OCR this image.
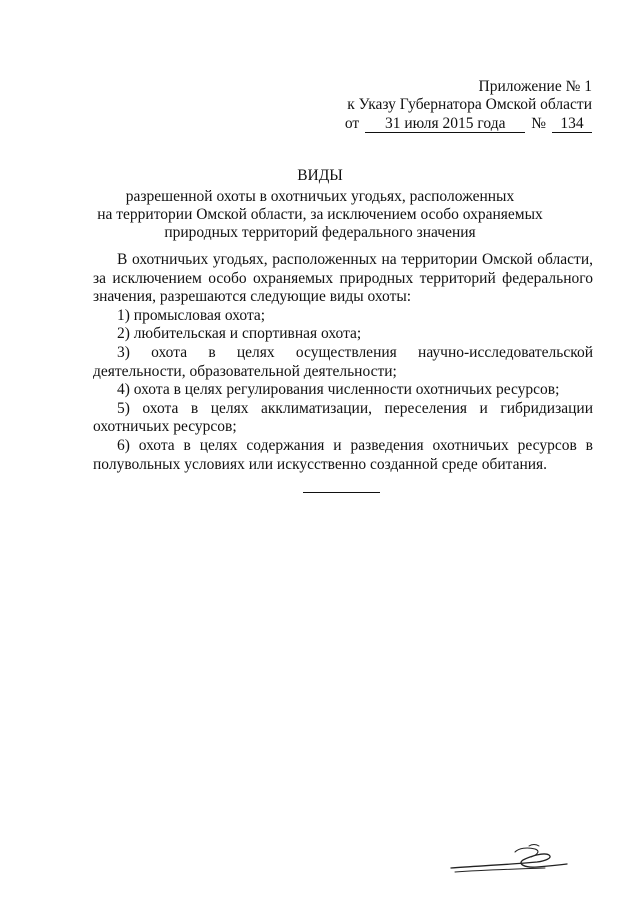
Приложение № 1
к Указу Губернатора Омской области
от 31 июля 2015 года № 134
ВИДЫ
разрешенной охоты в охотничьих угодьях, расположенных
на территории Омской области, за исключением особо охраняемых
природных территорий федерального значения

В охотничьих угодьях, расположенных на территории Омской области, за исключением особо охраняемых природных территорий федерального значения, разрешаются следующие виды охоты:

1) промысловая охота;

2) любительская и спортивная охота;

3) охота в целях осуществления научно-исследовательской деятельности, образовательной деятельности;

4) охота в целях регулирования численности охотничьих ресурсов;

5) охота в целях акклиматизации, переселения и гибридизации охотничьих ресурсов;

6) охота в целях содержания и разведения охотничьих ресурсов в полувольных условиях или искусственно созданной среде обитания.
